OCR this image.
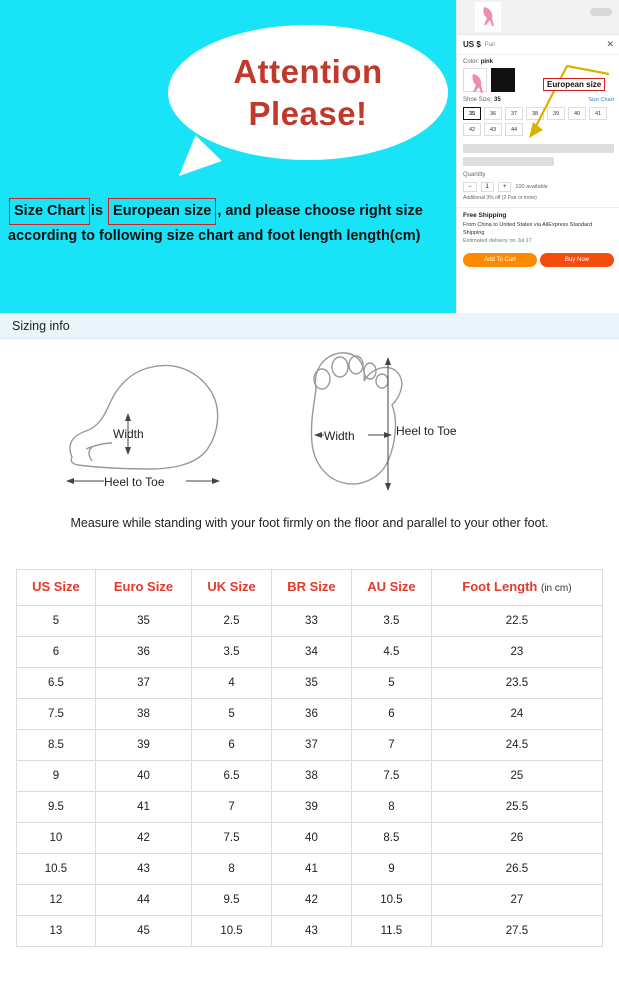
Attention
Please!
Size Chart is European size , and please choose right size
according to following size chart and foot length length(cm)
US $ Pair	✕
Color: pink
Shoe Size: 35	Size Chart
35	36	37	38	39	40	41
42	43	44
Quantity
−	1	+	100 available
Additional 3% off (2 Pair or more)
Free Shipping
From China to United States via AliExpress Standard Shipping
Estimated delivery on Jul 17
Add To Cart	Buy Now
European size
Sizing info
Width
Heel to Toe
Width	Heel to Toe
Measure while standing with your foot firmly on the floor and parallel to your other foot.
US Size	Euro Size	UK Size	BR Size	AU Size	Foot Length (in cm)
5	35	2.5	33	3.5	22.5
6	36	3.5	34	4.5	23
6.5	37	4	35	5	23.5
7.5	38	5	36	6	24
8.5	39	6	37	7	24.5
9	40	6.5	38	7.5	25
9.5	41	7	39	8	25.5
10	42	7.5	40	8.5	26
10.5	43	8	41	9	26.5
12	44	9.5	42	10.5	27
13	45	10.5	43	11.5	27.5
